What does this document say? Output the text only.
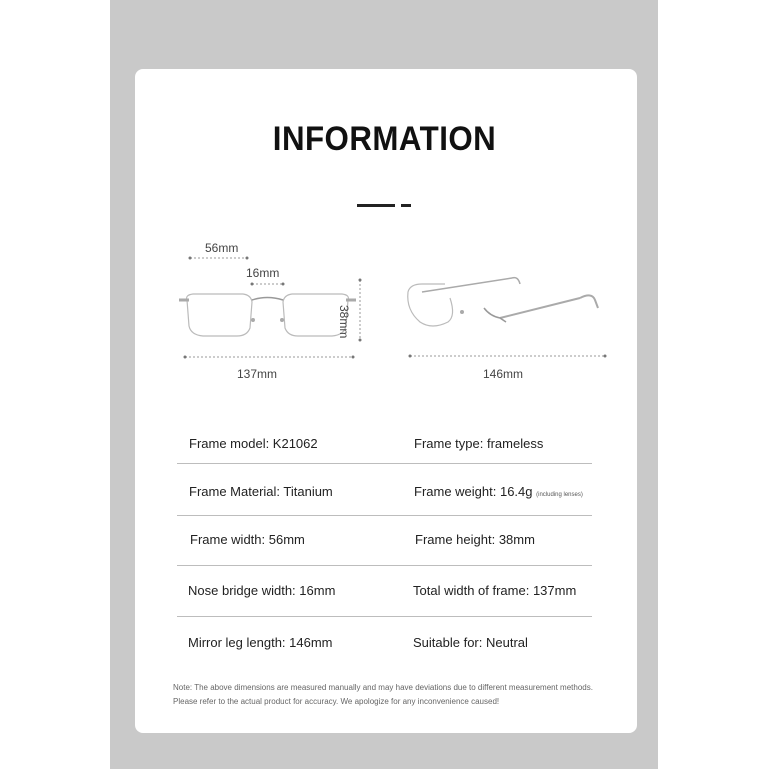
INFORMATION
56mm
16mm
38mm
137mm	146mm
Frame model: K21062	Frame type: frameless
Frame Material: Titanium	Frame weight: 16.4g (including lenses)
Frame width: 56mm	Frame height: 38mm
Nose bridge width: 16mm	Total width of frame: 137mm
Mirror leg length: 146mm	Suitable for: Neutral
Note: The above dimensions are measured manually and may have deviations due to different measurement methods.
Please refer to the actual product for accuracy. We apologize for any inconvenience caused!
